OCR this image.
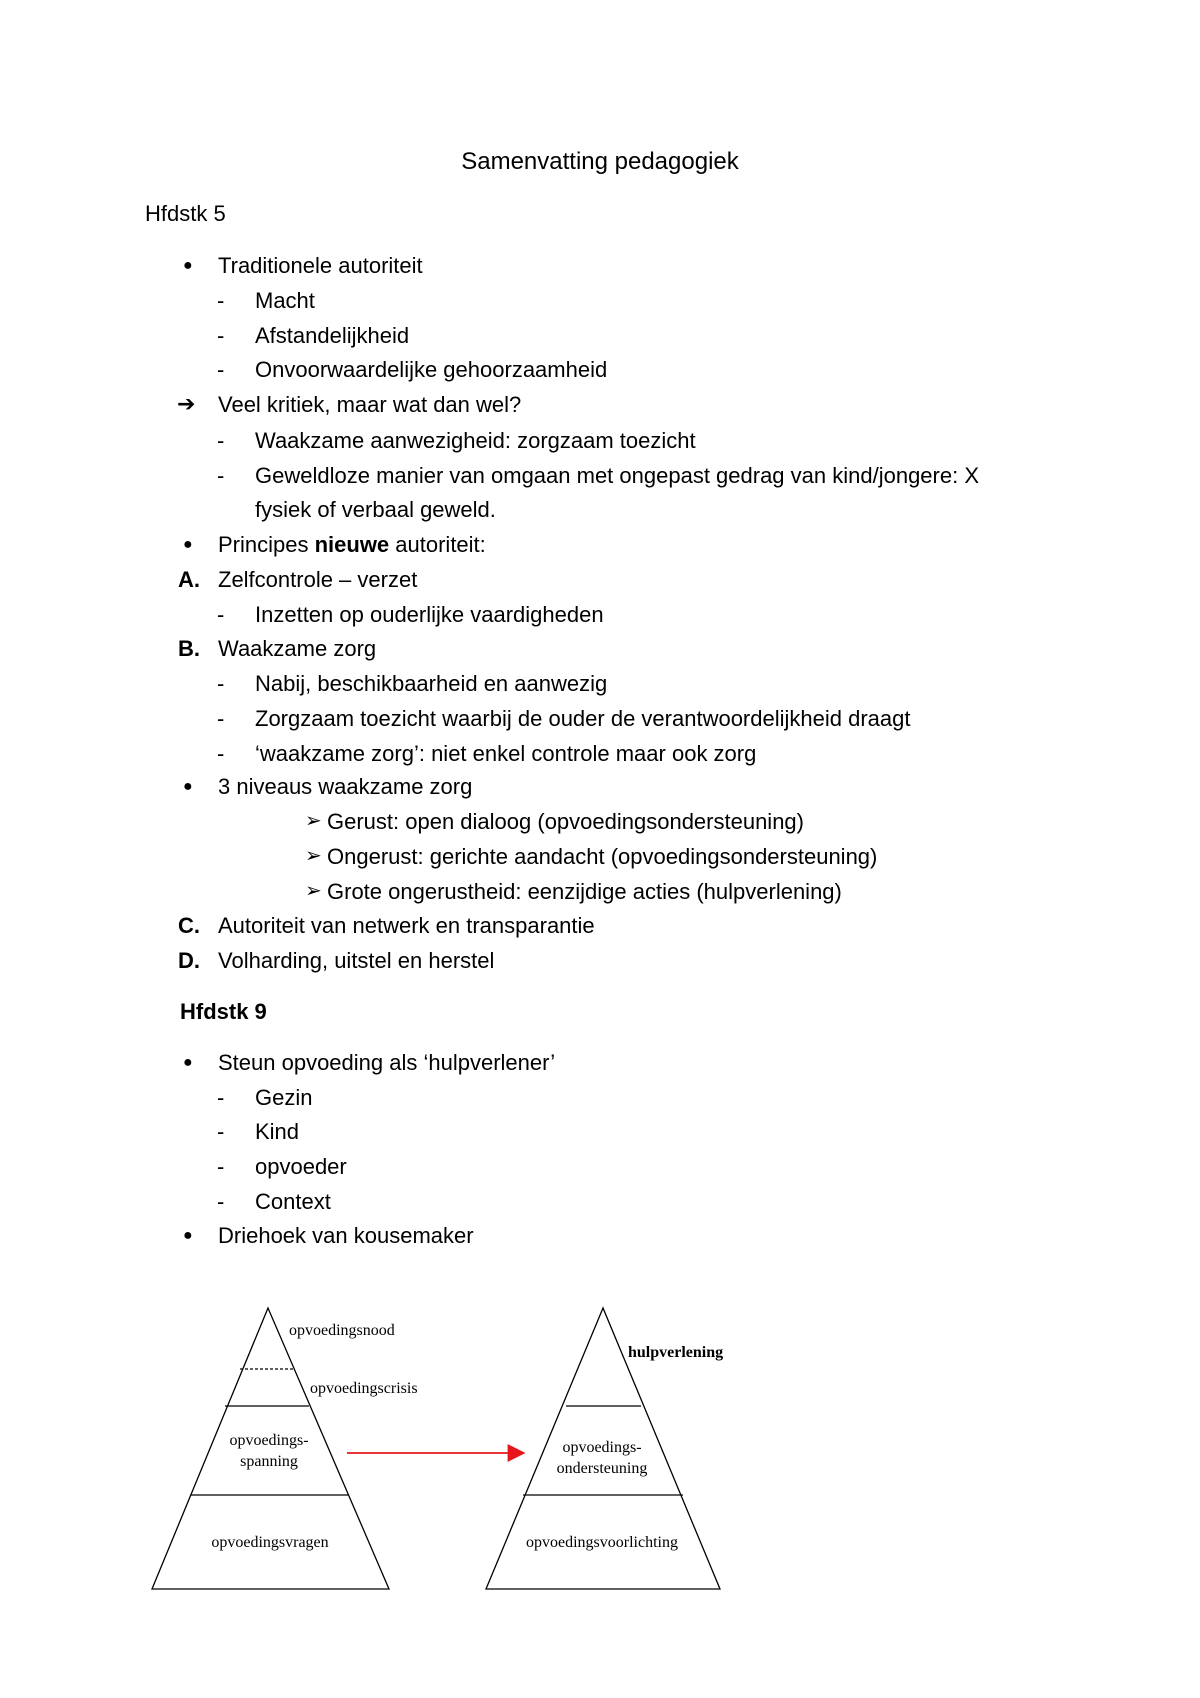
Samenvatting pedagogiek
Hfdstk 5
● Traditionele autoriteit
- Macht
- Afstandelijkheid
- Onvoorwaardelijke gehoorzaamheid
➔ Veel kritiek, maar wat dan wel?
- Waakzame aanwezigheid: zorgzaam toezicht
- Geweldloze manier van omgaan met ongepast gedrag van kind/jongere: X
fysiek of verbaal geweld.
● Principes nieuwe autoriteit:
A. Zelfcontrole – verzet
- Inzetten op ouderlijke vaardigheden
B. Waakzame zorg
- Nabij, beschikbaarheid en aanwezig
- Zorgzaam toezicht waarbij de ouder de verantwoordelijkheid draagt
- ‘waakzame zorg’: niet enkel controle maar ook zorg
● 3 niveaus waakzame zorg
➢ Gerust: open dialoog (opvoedingsondersteuning)
➢ Ongerust: gerichte aandacht (opvoedingsondersteuning)
➢ Grote ongerustheid: eenzijdige acties (hulpverlening)
C. Autoriteit van netwerk en transparantie
D. Volharding, uitstel en herstel
Hfdstk 9
● Steun opvoeding als ‘hulpverlener’
- Gezin
- Kind
- opvoeder
- Context
● Driehoek van kousemaker
opvoedingsnood
opvoedingscrisis
opvoedings-
spanning
opvoedingsvragen
hulpverlening
opvoedings-
ondersteuning
opvoedingsvoorlichting
